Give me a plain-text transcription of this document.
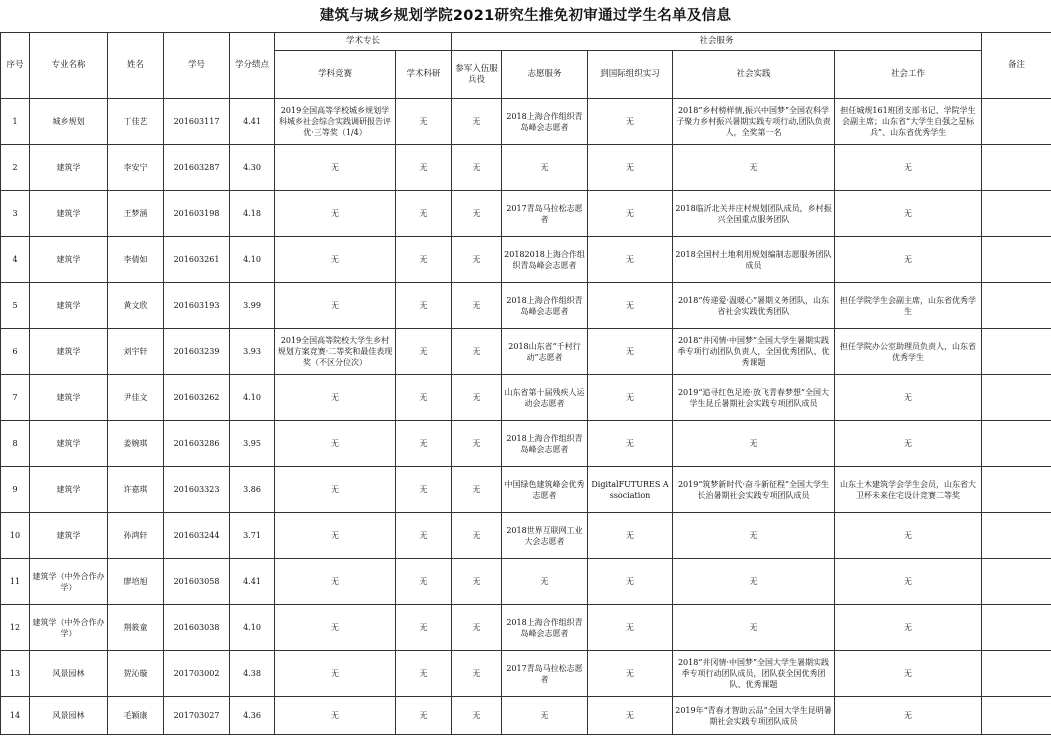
建筑与城乡规划学院2021研究生推免初审通过学生名单及信息
序号	专业名称	姓名	学号	学分绩点	学术专长		社会服务					备注
					学科竞赛	学术科研	参军入伍服兵役	志愿服务	到国际组织实习	社会实践	社会工作	
1	城乡规划	丁佳艺	201603117	4.41	2019全国高等学校城乡规划学科城乡社会综合实践调研报告评优·三等奖（1/4）	无	无	2018上海合作组织青岛峰会志愿者	无	2018“乡村榜样情,振兴中国梦”全国农科学子聚力乡村振兴暑期实践专项行动,团队负责人，全奖第一名	担任城规161班团支部书记、学院学生会副主席；山东省“大学生自强之星标兵”、山东省优秀学生	
2	建筑学	李安宁	201603287	4.30	无	无	无	无	无	无	无	
3	建筑学	王梦涵	201603198	4.18	无	无	无	2017青岛马拉松志愿者	无	2018临沂北关井庄村规划团队成员，乡村振兴全国重点服务团队	无	
4	建筑学	李倩如	201603261	4.10	无	无	无	20182018上海合作组织青岛峰会志愿者	无	2018全国村土地利用规划编制志愿服务团队成员	无	
5	建筑学	黄文欣	201603193	3.99	无	无	无	2018上海合作组织青岛峰会志愿者	无	2018“传递爱·温暖心”暑期义务团队，山东省社会实践优秀团队	担任学院学生会副主席，山东省优秀学生	
6	建筑学	刘宇轩	201603239	3.93	2019全国高等院校大学生乡村规划方案竞赛·二等奖和最佳表现奖（不区分位次）	无	无	2018山东省“千村行动”志愿者	无	2018“井冈情·中国梦”全国大学生暑期实践季专项行动团队负责人，全国优秀团队、优秀课题	担任学院办公室助理员负责人，山东省优秀学生	
7	建筑学	尹佳文	201603262	4.10	无	无	无	山东省第十届残疾人运动会志愿者	无	2019“追寻红色足迹·放飞青春梦想”全国大学生昆丘暑期社会实践专项团队成员	无	
8	建筑学	姜婉琪	201603286	3.95	无	无	无	2018上海合作组织青岛峰会志愿者	无	无	无	
9	建筑学	许嘉琪	201603323	3.86	无	无	无	中国绿色建筑峰会优秀志愿者	DigitalFUTURES Association	2019“筑梦新时代·奋斗新征程”全国大学生长治暑期社会实践专项团队成员	山东土木建筑学会学生会员，山东省大卫杯未来住宅设计竞赛二等奖	
10	建筑学	孙鸿轩	201603244	3.71	无	无	无	2018世界互联网工业大会志愿者	无	无	无	
11	建筑学（中外合作办学）	廖培旭	201603058	4.41	无	无	无	无	无	无	无	
12	建筑学（中外合作办学）	荆筱童	201603038	4.10	无	无	无	2018上海合作组织青岛峰会志愿者	无	无	无	
13	风景园林	贺沁璇	201703002	4.38	无	无	无	2017青岛马拉松志愿者	无	2018“井冈情·中国梦”全国大学生暑期实践季专项行动团队成员，团队获全国优秀团队、优秀课题	无	
14	风景园林	毛颖康	201703027	4.36	无	无	无	无	无	2019年“青春才智助云品”全国大学生昆明暑期社会实践专项团队成员	无	
